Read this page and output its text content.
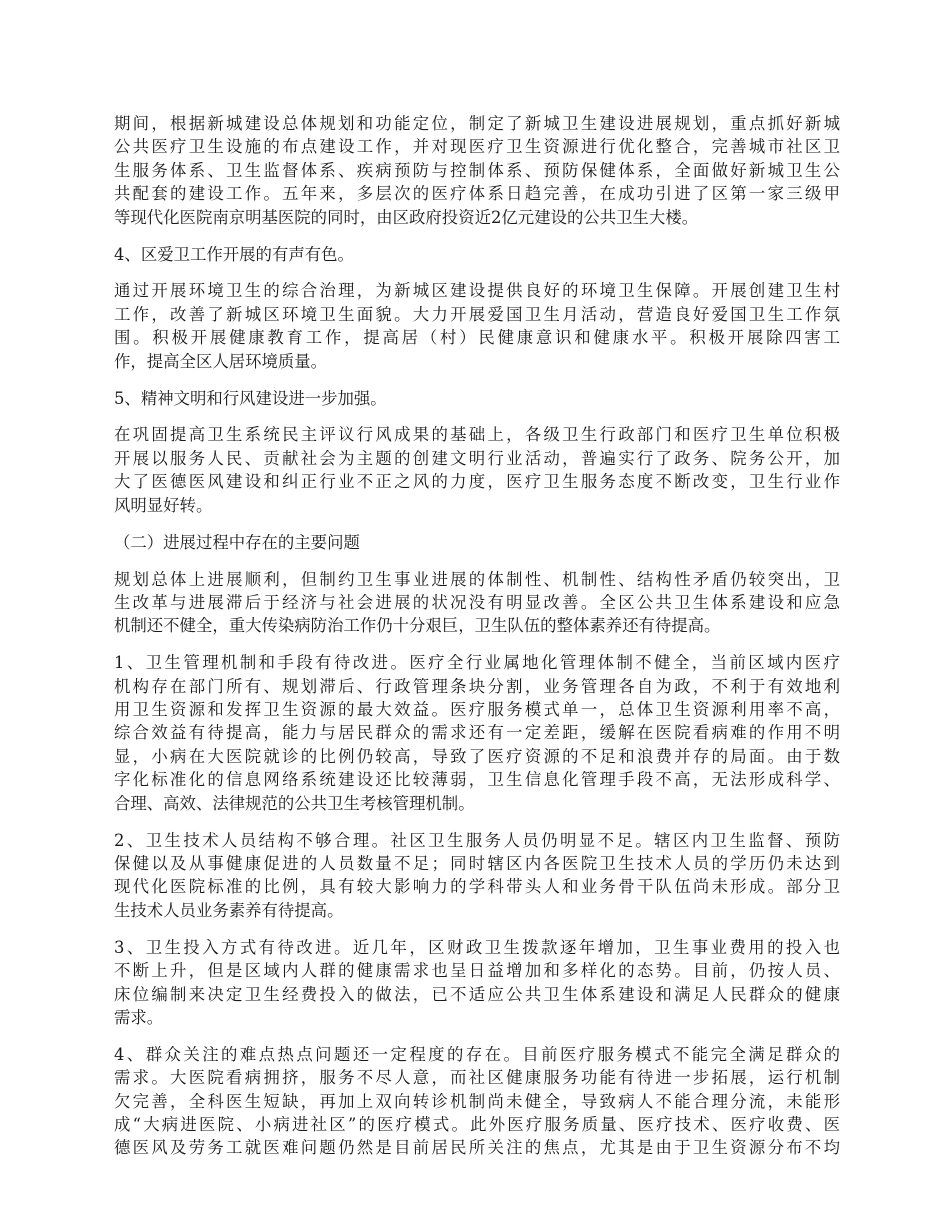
期间，根据新城建设总体规划和功能定位，制定了新城卫生建设进展规划，重点抓好新城
公共医疗卫生设施的布点建设工作，并对现医疗卫生资源进行优化整合，完善城市社区卫
生服务体系、卫生监督体系、疾病预防与控制体系、预防保健体系，全面做好新城卫生公
共配套的建设工作。五年来，多层次的医疗体系日趋完善，在成功引进了区第一家三级甲
等现代化医院南京明基医院的同时，由区政府投资近2亿元建设的公共卫生大楼。

4、区爱卫工作开展的有声有色。

通过开展环境卫生的综合治理，为新城区建设提供良好的环境卫生保障。开展创建卫生村
工作，改善了新城区环境卫生面貌。大力开展爱国卫生月活动，营造良好爱国卫生工作氛
围。积极开展健康教育工作，提高居（村）民健康意识和健康水平。积极开展除四害工
作，提高全区人居环境质量。

5、精神文明和行风建设进一步加强。

在巩固提高卫生系统民主评议行风成果的基础上，各级卫生行政部门和医疗卫生单位积极
开展以服务人民、贡献社会为主题的创建文明行业活动，普遍实行了政务、院务公开，加
大了医德医风建设和纠正行业不正之风的力度，医疗卫生服务态度不断改变，卫生行业作
风明显好转。

（二）进展过程中存在的主要问题

规划总体上进展顺利，但制约卫生事业进展的体制性、机制性、结构性矛盾仍较突出，卫
生改革与进展滞后于经济与社会进展的状况没有明显改善。全区公共卫生体系建设和应急
机制还不健全，重大传染病防治工作仍十分艰巨，卫生队伍的整体素养还有待提高。

1、卫生管理机制和手段有待改进。医疗全行业属地化管理体制不健全，当前区域内医疗
机构存在部门所有、规划滞后、行政管理条块分割，业务管理各自为政，不利于有效地利
用卫生资源和发挥卫生资源的最大效益。医疗服务模式单一，总体卫生资源利用率不高，
综合效益有待提高，能力与居民群众的需求还有一定差距，缓解在医院看病难的作用不明
显，小病在大医院就诊的比例仍较高，导致了医疗资源的不足和浪费并存的局面。由于数
字化标准化的信息网络系统建设还比较薄弱，卫生信息化管理手段不高，无法形成科学、
合理、高效、法律规范的公共卫生考核管理机制。

2、卫生技术人员结构不够合理。社区卫生服务人员仍明显不足。辖区内卫生监督、预防
保健以及从事健康促进的人员数量不足；同时辖区内各医院卫生技术人员的学历仍未达到
现代化医院标准的比例，具有较大影响力的学科带头人和业务骨干队伍尚未形成。部分卫
生技术人员业务素养有待提高。

3、卫生投入方式有待改进。近几年，区财政卫生拨款逐年增加，卫生事业费用的投入也
不断上升，但是区域内人群的健康需求也呈日益增加和多样化的态势。目前，仍按人员、
床位编制来决定卫生经费投入的做法，已不适应公共卫生体系建设和满足人民群众的健康
需求。

4、群众关注的难点热点问题还一定程度的存在。目前医疗服务模式不能完全满足群众的
需求。大医院看病拥挤，服务不尽人意，而社区健康服务功能有待进一步拓展，运行机制
欠完善，全科医生短缺，再加上双向转诊机制尚未健全，导致病人不能合理分流，未能形
成“大病进医院、小病进社区”的医疗模式。此外医疗服务质量、医疗技术、医疗收费、医
德医风及劳务工就医难问题仍然是目前居民所关注的焦点，尤其是由于卫生资源分布不均
